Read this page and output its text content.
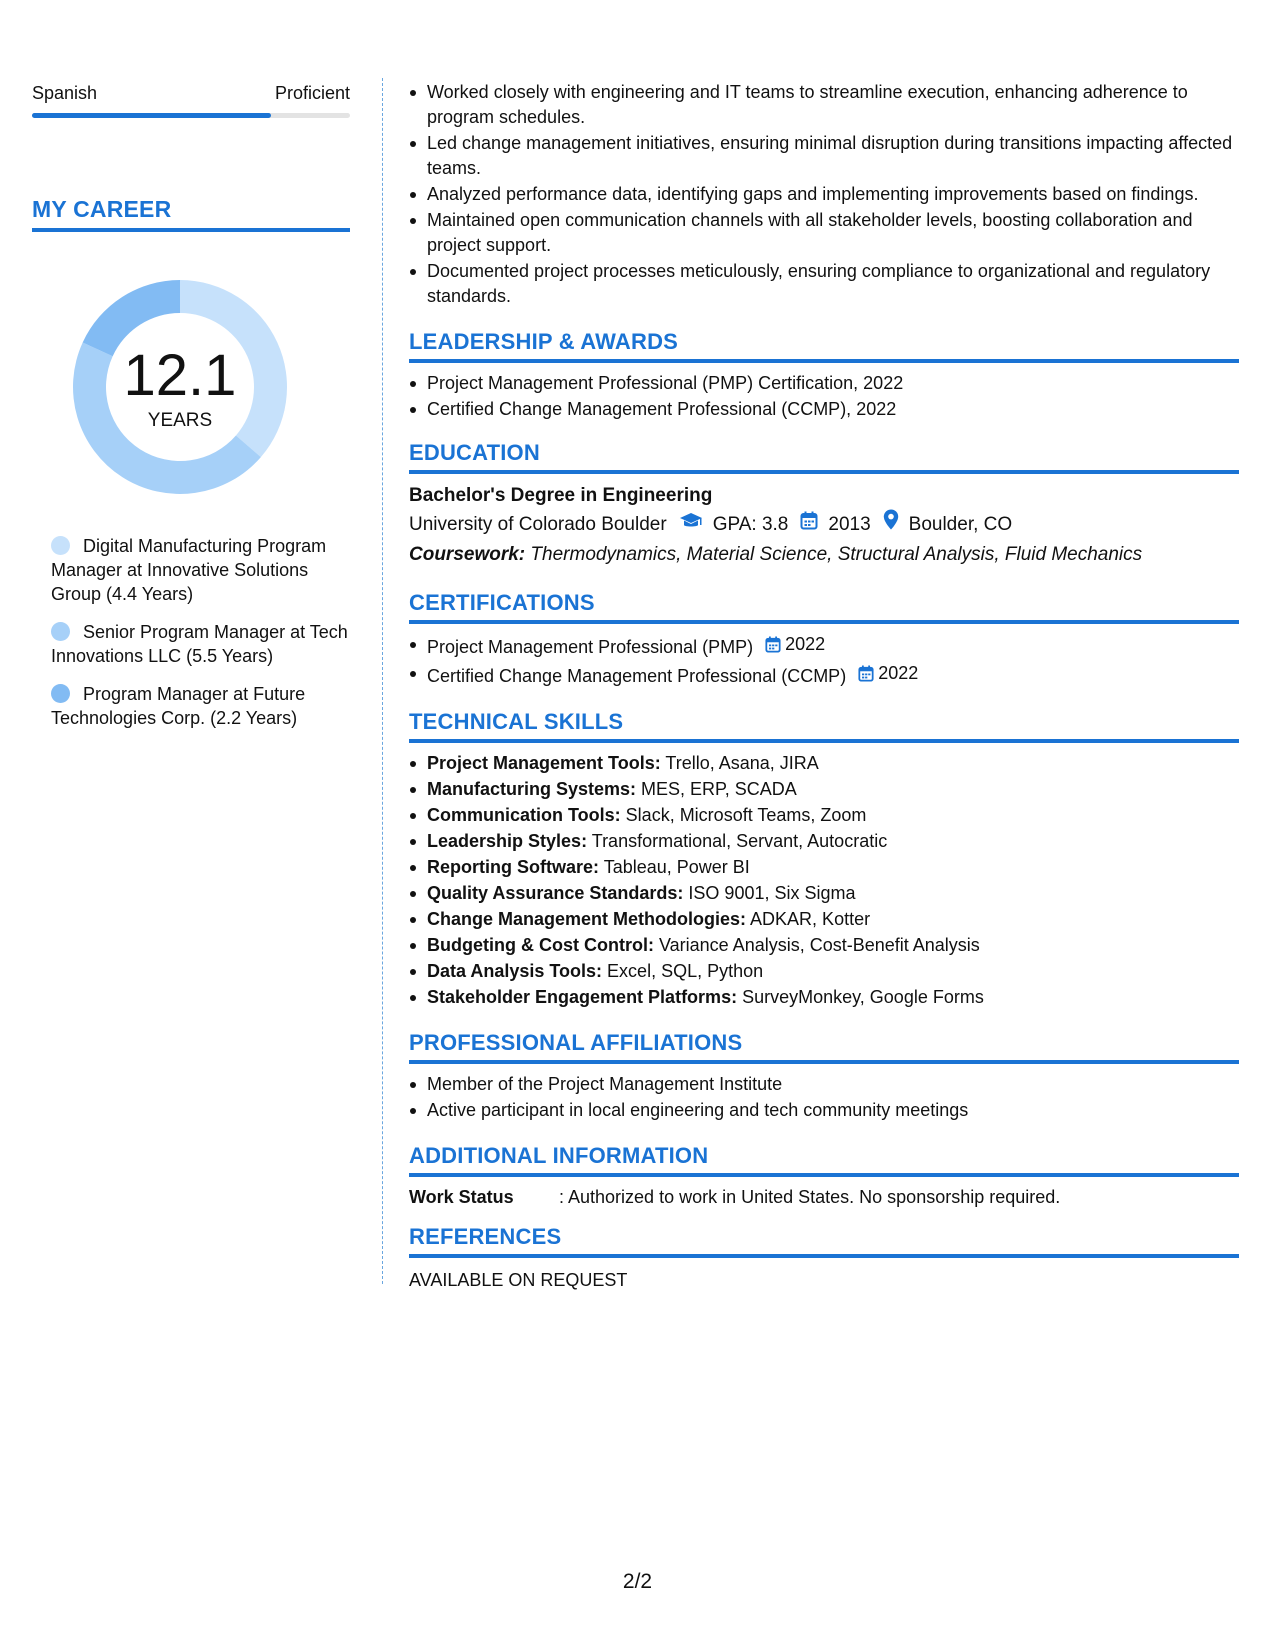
Spanish	Proficient
MY CAREER
12.1
YEARS
Digital Manufacturing Program Manager at Innovative Solutions Group (4.4 Years)
Senior Program Manager at Tech Innovations LLC (5.5 Years)
Program Manager at Future Technologies Corp. (2.2 Years)
Worked closely with engineering and IT teams to streamline execution, enhancing adherence to program schedules.
Led change management initiatives, ensuring minimal disruption during transitions impacting affected teams.
Analyzed performance data, identifying gaps and implementing improvements based on findings.
Maintained open communication channels with all stakeholder levels, boosting collaboration and project support.
Documented project processes meticulously, ensuring compliance to organizational and regulatory standards.
LEADERSHIP & AWARDS
Project Management Professional (PMP) Certification, 2022
Certified Change Management Professional (CCMP), 2022
EDUCATION
Bachelor's Degree in Engineering
University of Colorado Boulder GPA: 3.8 2013 Boulder, CO
Coursework: Thermodynamics, Material Science, Structural Analysis, Fluid Mechanics
CERTIFICATIONS
Project Management Professional (PMP) 2022
Certified Change Management Professional (CCMP) 2022
TECHNICAL SKILLS
Project Management Tools: Trello, Asana, JIRA
Manufacturing Systems: MES, ERP, SCADA
Communication Tools: Slack, Microsoft Teams, Zoom
Leadership Styles: Transformational, Servant, Autocratic
Reporting Software: Tableau, Power BI
Quality Assurance Standards: ISO 9001, Six Sigma
Change Management Methodologies: ADKAR, Kotter
Budgeting & Cost Control: Variance Analysis, Cost-Benefit Analysis
Data Analysis Tools: Excel, SQL, Python
Stakeholder Engagement Platforms: SurveyMonkey, Google Forms
PROFESSIONAL AFFILIATIONS
Member of the Project Management Institute
Active participant in local engineering and tech community meetings
ADDITIONAL INFORMATION
Work Status	: Authorized to work in United States. No sponsorship required.
REFERENCES
AVAILABLE ON REQUEST
2/2
